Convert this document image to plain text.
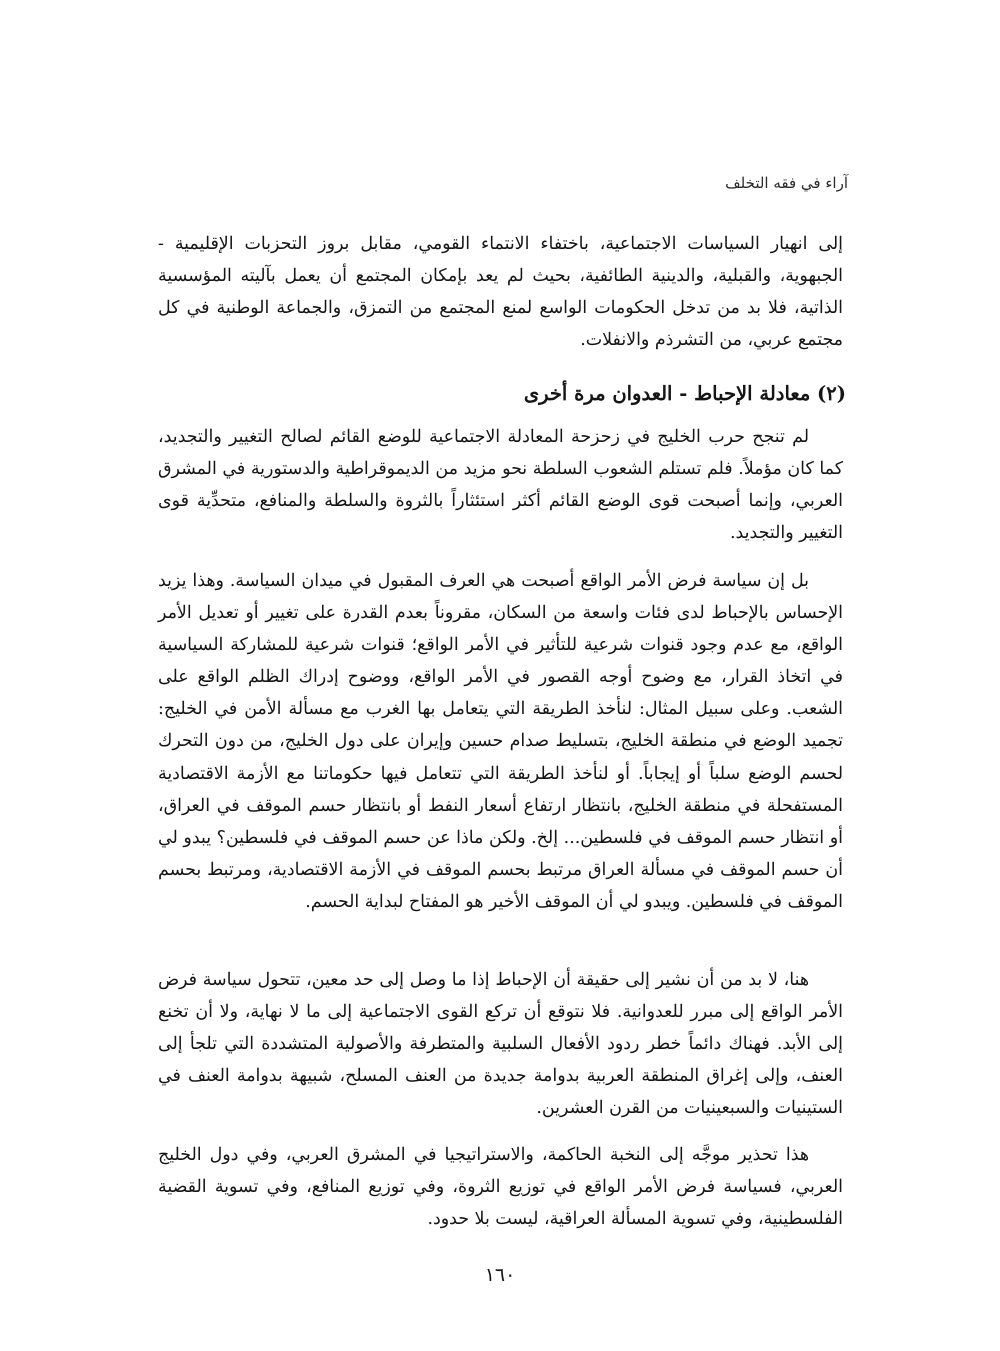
آراء في فقه التخلف

إلى انهيار السياسات الاجتماعية، باختفاء الانتماء القومي، مقابل بروز التحزبات الإقليمية - الجبهوية، والقبلية، والدينية الطائفية، بحيث لم يعد بإمكان المجتمع أن يعمل بآليته المؤسسية الذاتية، فلا بد من تدخل الحكومات الواسع لمنع المجتمع من التمزق، والجماعة الوطنية في كل مجتمع عربي، من التشرذم والانفلات.

(٢) معادلة الإحباط - العدوان مرة أخرى

لم تنجح حرب الخليج في زحزحة المعادلة الاجتماعية للوضع القائم لصالح التغيير والتجديد، كما كان مؤملاً. فلم تستلم الشعوب السلطة نحو مزيد من الديموقراطية والدستورية في المشرق العربي، وإنما أصبحت قوى الوضع القائم أكثر استئثاراً بالثروة والسلطة والمنافع، متحدِّية قوى التغيير والتجديد.

بل إن سياسة فرض الأمر الواقع أصبحت هي العرف المقبول في ميدان السياسة. وهذا يزيد الإحساس بالإحباط لدى فئات واسعة من السكان، مقروناً بعدم القدرة على تغيير أو تعديل الأمر الواقع، مع عدم وجود قنوات شرعية للتأثير في الأمر الواقع؛ قنوات شرعية للمشاركة السياسية في اتخاذ القرار، مع وضوح أوجه القصور في الأمر الواقع، ووضوح إدراك الظلم الواقع على الشعب. وعلى سبيل المثال: لنأخذ الطريقة التي يتعامل بها الغرب مع مسألة الأمن في الخليج: تجميد الوضع في منطقة الخليج، بتسليط صدام حسين وإيران على دول الخليج، من دون التحرك لحسم الوضع سلباً أو إيجاباً. أو لنأخذ الطريقة التي تتعامل فيها حكوماتنا مع الأزمة الاقتصادية المستفحلة في منطقة الخليج، بانتظار ارتفاع أسعار النفط أو بانتظار حسم الموقف في العراق، أو انتظار حسم الموقف في فلسطين... إلخ. ولكن ماذا عن حسم الموقف في فلسطين؟ يبدو لي أن حسم الموقف في مسألة العراق مرتبط بحسم الموقف في الأزمة الاقتصادية، ومرتبط بحسم الموقف في فلسطين. ويبدو لي أن الموقف الأخير هو المفتاح لبداية الحسم.

هنا، لا بد من أن نشير إلى حقيقة أن الإحباط إذا ما وصل إلى حد معين، تتحول سياسة فرض الأمر الواقع إلى مبرر للعدوانية. فلا نتوقع أن تركع القوى الاجتماعية إلى ما لا نهاية، ولا أن تخنع إلى الأبد. فهناك دائماً خطر ردود الأفعال السلبية والمتطرفة والأصولية المتشددة التي تلجأ إلى العنف، وإلى إغراق المنطقة العربية بدوامة جديدة من العنف المسلح، شبيهة بدوامة العنف في الستينيات والسبعينيات من القرن العشرين.

هذا تحذير موجَّه إلى النخبة الحاكمة، والاستراتيجيا في المشرق العربي، وفي دول الخليج العربي، فسياسة فرض الأمر الواقع في توزيع الثروة، وفي توزيع المنافع، وفي تسوية القضية الفلسطينية، وفي تسوية المسألة العراقية، ليست بلا حدود.

١٦٠
